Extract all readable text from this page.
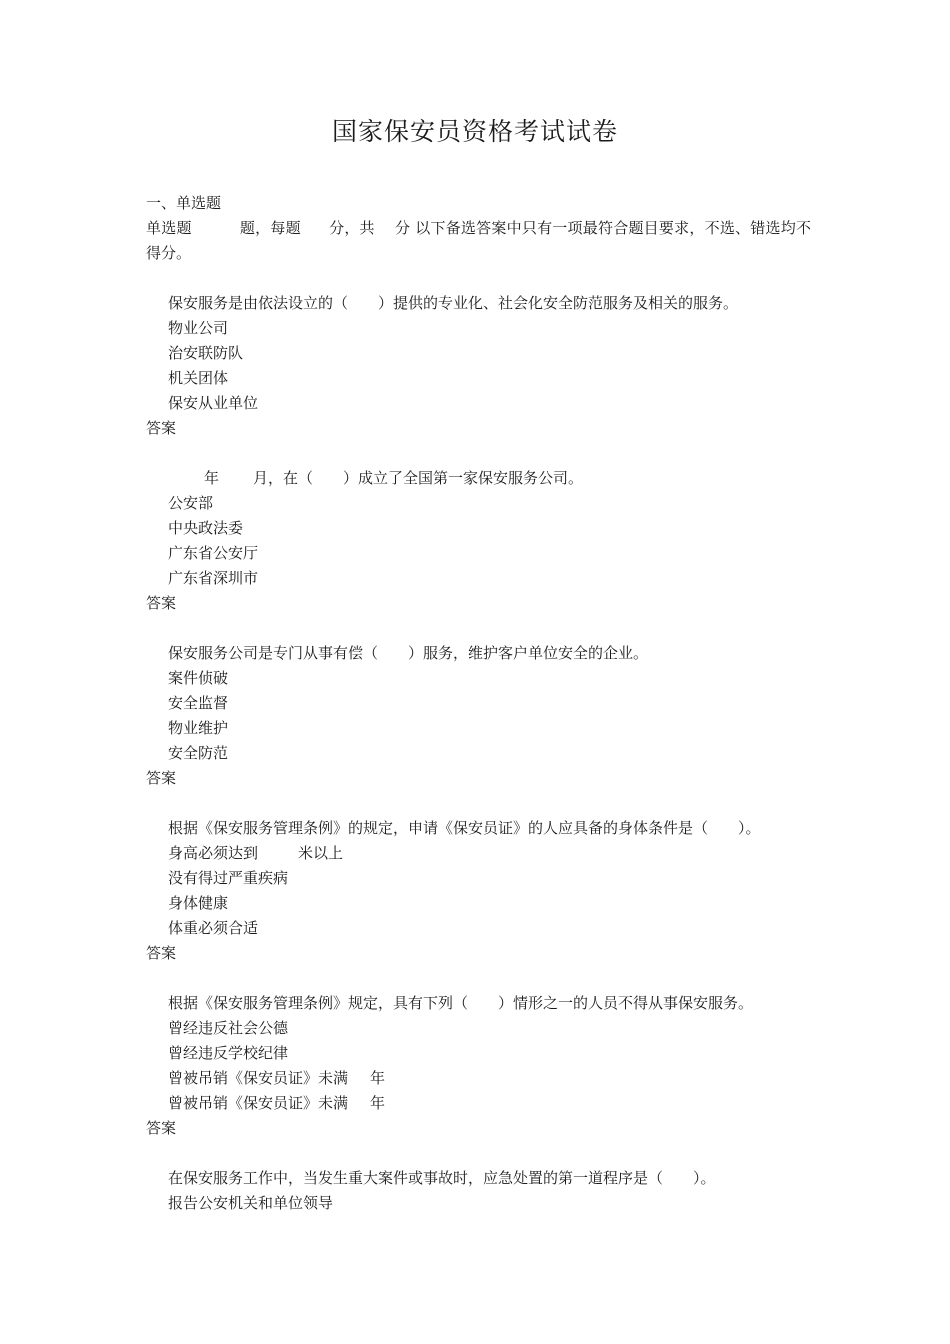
国家保安员资格考试试卷
一、单选题
单选题	题，每题 分，共 分 以下备选答案中只有一项最符合题目要求，不选、错选均不得分。
保安服务是由依法设立的（　　）提供的专业化、社会化安全防范服务及相关的服务。
物业公司
治安联防队
机关团体
保安从业单位
答案
年 月，在（　　）成立了全国第一家保安服务公司。
公安部
中央政法委
广东省公安厅
广东省深圳市
答案
保安服务公司是专门从事有偿（　　）服务，维护客户单位安全的企业。
案件侦破
安全监督
物业维护
安全防范
答案
根据《保安服务管理条例》的规定，申请《保安员证》的人应具备的身体条件是（　　）。
身高必须达到	米以上
没有得过严重疾病
身体健康
体重必须合适
答案
根据《保安服务管理条例》规定，具有下列（　　）情形之一的人员不得从事保安服务。
曾经违反社会公德
曾经违反学校纪律
曾被吊销《保安员证》未满 年
曾被吊销《保安员证》未满 年
答案
在保安服务工作中，当发生重大案件或事故时，应急处置的第一道程序是（　　）。
报告公安机关和单位领导
